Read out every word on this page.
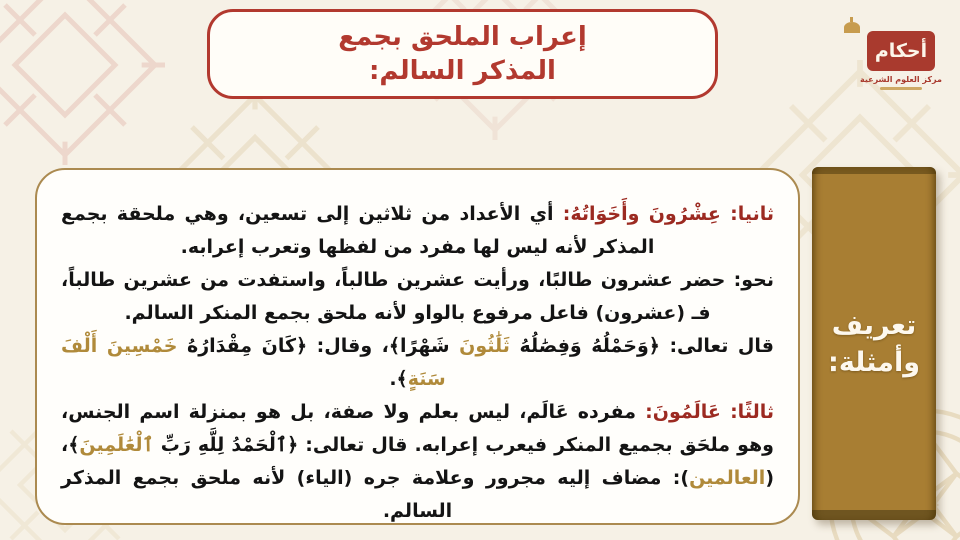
إعراب الملحق بجمع
المذكر السالم:
أحكام
مركز العلوم الشرعية

ثانيا: عِشْرُونَ وأَخَوَاتُهُ: أي الأعداد من ثلاثين إلى تسعين، وهي ملحقة بجمع المذكر لأنه ليس لها مفرد من لفظها وتعرب إعرابه.

نحو: حضر عشرون طالبًا، ورأيت عشرين طالباً، واستفدت من عشرين طالباً، فـ (عشرون) فاعل مرفوع بالواو لأنه ملحق بجمع المنكر السالم.

قال تعالى: ﴿وَحَمْلُهُ وَفِصَٰلُهُ ثَلَٰثُونَ شَهْرًا﴾، وقال: ﴿كَانَ مِقْدَارُهُ خَمْسِينَ أَلْفَ سَنَةٍ﴾.

ثالثًا: عَالَمُونَ: مفرده عَالَم، ليس بعلم ولا صفة، بل هو بمنزلة اسم الجنس، وهو ملحَق بجميع المنكر فيعرب إعرابه. قال تعالى: ﴿ٱلْحَمْدُ لِلَّهِ رَبِّ ٱلْعَٰلَمِينَ﴾، (العالمين): مضاف إليه مجرور وعلامة جره (الياء) لأنه ملحق بجمع المذكر السالم.

تعريف
وأمثلة:
